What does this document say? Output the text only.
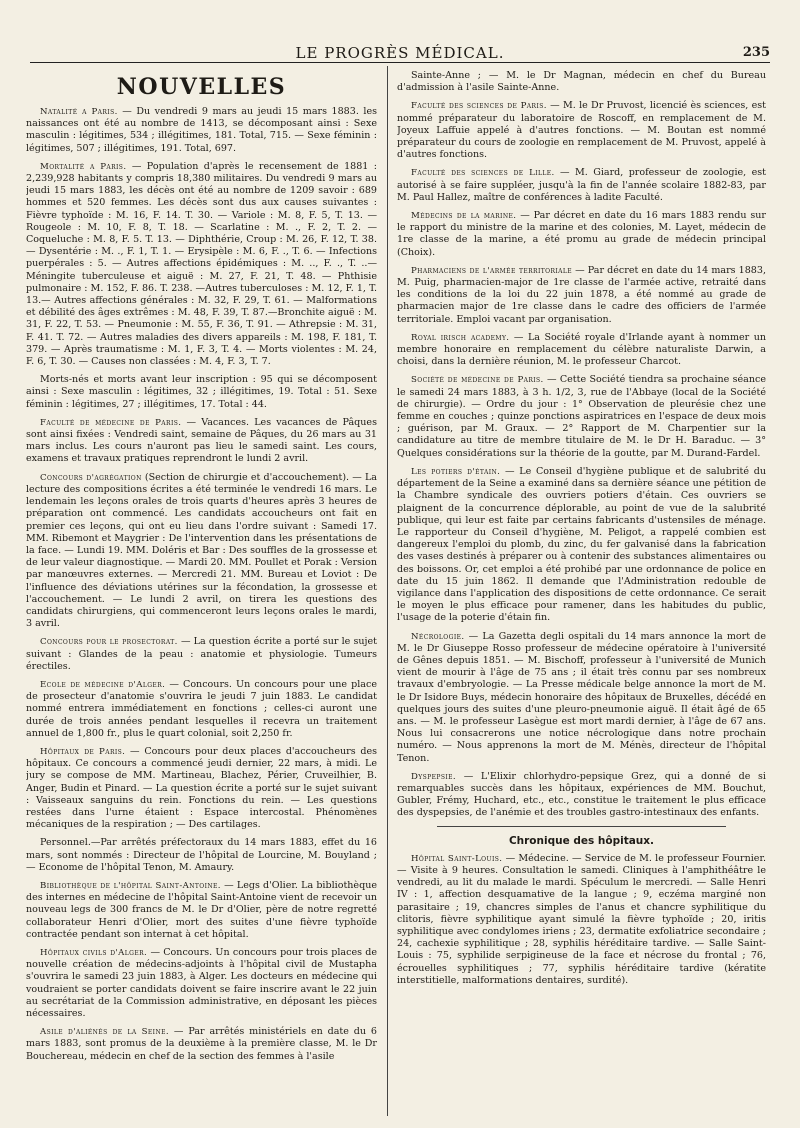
LE PROGRÈS MÉDICAL.	235
NOUVELLES

Natalité a Paris. — Du vendredi 9 mars au jeudi 15 mars 1883. les naissances ont été au nombre de 1413, se décomposant ainsi : Sexe masculin : légitimes, 534 ; illégitimes, 181. Total, 715. — Sexe féminin : légitimes, 507 ; illégitimes, 191. Total, 697.

Mortalité a Paris. — Population d'après le recensement de 1881 : 2,239,928 habitants y compris 18,380 militaires. Du vendredi 9 mars au jeudi 15 mars 1883, les décès ont été au nombre de 1209 savoir : 689 hommes et 520 femmes. Les décès sont dus aux causes suivantes : Fièvre typhoïde : M. 16, F. 14. T. 30. — Variole : M. 8, F. 5, T. 13. — Rougeole : M. 10, F. 8, T. 18. — Scarlatine : M. ., F. 2, T. 2. — Coqueluche : M. 8, F. 5. T. 13. — Diphthérie, Croup : M. 26, F. 12, T. 38. — Dysentérie : M. ., F. 1, T. 1. — Erysipèle : M. 6, F. ., T. 6. — Infections puerpérales : 5. — Autres affections épidémiques : M. .., F. ., T. ..—Méningite tuberculeuse et aiguë : M. 27, F. 21, T. 48. — Phthisie pulmonaire : M. 152, F. 86. T. 238. —Autres tuberculoses : M. 12, F. 1, T. 13.— Autres affections générales : M. 32, F. 29, T. 61. — Malformations et débilité des âges extrêmes : M. 48, F. 39, T. 87.—Bronchite aiguë : M. 31, F. 22, T. 53. — Pneumonie : M. 55, F. 36, T. 91. — Athrepsie : M. 31, F. 41. T. 72. — Autres maladies des divers appareils : M. 198, F. 181, T. 379. — Après traumatisme : M. 1, F. 3, T. 4. — Morts violentes : M. 24, F. 6, T. 30. — Causes non classées : M. 4, F. 3, T. 7.

Morts-nés et morts avant leur inscription : 95 qui se décomposent ainsi : Sexe masculin : légitimes, 32 ; illégitimes, 19. Total : 51. Sexe féminin : légitimes, 27 ; illégitimes, 17. Total : 44.

Faculté de médecine de Paris. — Vacances. Les vacances de Pâques sont ainsi fixées : Vendredi saint, semaine de Pâques, du 26 mars au 31 mars inclus. Les cours n'auront pas lieu le samedi saint. Les cours, examens et travaux pratiques reprendront le lundi 2 avril.

Concours d'agrégation (Section de chirurgie et d'accouchement). — La lecture des compositions écrites a été terminée le vendredi 16 mars. Le lendemain les leçons orales de trois quarts d'heures après 3 heures de préparation ont commencé. Les candidats accoucheurs ont fait en premier ces leçons, qui ont eu lieu dans l'ordre suivant : Samedi 17. MM. Ribemont et Maygrier : De l'intervention dans les présentations de la face. — Lundi 19. MM. Doléris et Bar : Des souffles de la grossesse et de leur valeur diagnostique. — Mardi 20. MM. Poullet et Porak : Version par manœuvres externes. — Mercredi 21. MM. Bureau et Loviot : De l'influence des déviations utérines sur la fécondation, la grossesse et l'accouchement. — Le lundi 2 avril, on tirera les questions des candidats chirurgiens, qui commenceront leurs leçons orales le mardi, 3 avril.

Concours pour le prosectorat. — La question écrite a porté sur le sujet suivant : Glandes de la peau : anatomie et physiologie. Tumeurs érectiles.

Ecole de médecine d'Alger. — Concours. Un concours pour une place de prosecteur d'anatomie s'ouvrira le jeudi 7 juin 1883. Le candidat nommé entrera immédiatement en fonctions ; celles-ci auront une durée de trois années pendant lesquelles il recevra un traitement annuel de 1,800 fr., plus le quart colonial, soit 2,250 fr.

Hôpitaux de Paris. — Concours pour deux places d'accoucheurs des hôpitaux. Ce concours a commencé jeudi dernier, 22 mars, à midi. Le jury se compose de MM. Martineau, Blachez, Périer, Cruveilhier, B. Anger, Budin et Pinard. — La question écrite a porté sur le sujet suivant : Vaisseaux sanguins du rein. Fonctions du rein. — Les questions restées dans l'urne étaient : Espace intercostal. Phénomènes mécaniques de la respiration ; — Des cartilages.

Personnel.—Par arrêtés préfectoraux du 14 mars 1883, effet du 16 mars, sont nommés : Directeur de l'hôpital de Lourcine, M. Bouyland ; — Econome de l'hôpital Tenon, M. Amaury.

Bibliothèque de l'hôpital Saint-Antoine. — Legs d'Olier. La bibliothèque des internes en médecine de l'hôpital Saint-Antoine vient de recevoir un nouveau legs de 300 francs de M. le Dr d'Olier, père de notre regretté collaborateur Henri d'Olier, mort des suites d'une fièvre typhoïde contractée pendant son internat à cet hôpital.

Hôpitaux civils d'Alger. — Concours. Un concours pour trois places de nouvelle création de médecins-adjoints à l'hôpital civil de Mustapha s'ouvrira le samedi 23 juin 1883, à Alger. Les docteurs en médecine qui voudraient se porter candidats doivent se faire inscrire avant le 22 juin au secrétariat de la Commission administrative, en déposant les pièces nécessaires.

Asile d'aliénés de la Seine. — Par arrêtés ministériels en date du 6 mars 1883, sont promus de la deuxième à la première classe, M. le Dr Bouchereau, médecin en chef de la section des femmes à l'asile

Sainte-Anne ; — M. le Dr Magnan, médecin en chef du Bureau d'admission à l'asile Sainte-Anne.

Faculté des sciences de Paris. — M. le Dr Pruvost, licencié ès sciences, est nommé préparateur du laboratoire de Roscoff, en remplacement de M. Joyeux Laffuie appelé à d'autres fonctions. — M. Boutan est nommé préparateur du cours de zoologie en remplacement de M. Pruvost, appelé à d'autres fonctions.

Faculté des sciences de Lille. — M. Giard, professeur de zoologie, est autorisé à se faire suppléer, jusqu'à la fin de l'année scolaire 1882-83, par M. Paul Hallez, maître de conférences à ladite Faculté.

Médecins de la marine. — Par décret en date du 16 mars 1883 rendu sur le rapport du ministre de la marine et des colonies, M. Layet, médecin de 1re classe de la marine, a été promu au grade de médecin principal (Choix).

Pharmaciens de l'armée territoriale — Par décret en date du 14 mars 1883, M. Puig, pharmacien-major de 1re classe de l'armée active, retraité dans les conditions de la loi du 22 juin 1878, a été nommé au grade de pharmacien major de 1re classe dans le cadre des officiers de l'armée territoriale. Emploi vacant par organisation.

Royal irisch academy. — La Société royale d'Irlande ayant à nommer un membre honoraire en remplacement du célèbre naturaliste Darwin, a choisi, dans la dernière réunion, M. le professeur Charcot.

Société de médecine de Paris. — Cette Société tiendra sa prochaine séance le samedi 24 mars 1883, à 3 h. 1/2, 3, rue de l'Abbaye (local de la Société de chirurgie). — Ordre du jour : 1° Observation de pleurésie chez une femme en couches ; quinze ponctions aspiratrices en l'espace de deux mois ; guérison, par M. Graux. — 2° Rapport de M. Charpentier sur la candidature au titre de membre titulaire de M. le Dr H. Baraduc. — 3° Quelques considérations sur la théorie de la goutte, par M. Durand-Fardel.

Les potiers d'étain. — Le Conseil d'hygiène publique et de salubrité du département de la Seine a examiné dans sa dernière séance une pétition de la Chambre syndicale des ouvriers potiers d'étain. Ces ouvriers se plaignent de la concurrence déplorable, au point de vue de la salubrité publique, qui leur est faite par certains fabricants d'ustensiles de ménage. Le rapporteur du Conseil d'hygiène, M. Peligot, a rappelé combien est dangereux l'emploi du plomb, du zinc, du fer galvanisé dans la fabrication des vases destinés à préparer ou à contenir des substances alimentaires ou des boissons. Or, cet emploi a été prohibé par une ordonnance de police en date du 15 juin 1862. Il demande que l'Administration redouble de vigilance dans l'application des dispositions de cette ordonnance. Ce serait le moyen le plus efficace pour ramener, dans les habitudes du public, l'usage de la poterie d'étain fin.

Nécrologie. — La Gazetta degli ospitali du 14 mars annonce la mort de M. le Dr Giuseppe Rosso professeur de médecine opératoire à l'université de Gênes depuis 1851. — M. Bischoff, professeur à l'université de Munich vient de mourir à l'âge de 75 ans ; il était très connu par ses nombreux travaux d'embryologie. — La Presse médicale belge annonce la mort de M. le Dr Isidore Buys, médecin honoraire des hôpitaux de Bruxelles, décédé en quelques jours des suites d'une pleuro-pneumonie aiguë. Il était âgé de 65 ans. — M. le professeur Lasègue est mort mardi dernier, à l'âge de 67 ans. Nous lui consacrerons une notice nécrologique dans notre prochain numéro. — Nous apprenons la mort de M. Ménès, directeur de l'hôpital Tenon.

Dyspepsie. — L'Elixir chlorhydro-pepsique Grez, qui a donné de si remarquables succès dans les hôpitaux, expériences de MM. Bouchut, Gubler, Frémy, Huchard, etc., etc., constitue le traitement le plus efficace des dyspepsies, de l'anémie et des troubles gastro-intestinaux des enfants.

Chronique des hôpitaux.

Hôpital Saint-Louis. — Médecine. — Service de M. le professeur Fournier. — Visite à 9 heures. Consultation le samedi. Cliniques à l'amphithéâtre le vendredi, au lit du malade le mardi. Spéculum le mercredi. — Salle Henri IV : 1, affection desquamative de la langue ; 9, eczéma marginé non parasitaire ; 19, chancres simples de l'anus et chancre syphilitique du clitoris, fièvre syphilitique ayant simulé la fièvre typhoïde ; 20, iritis syphilitique avec condylomes iriens ; 23, dermatite exfoliatrice secondaire ; 24, cachexie syphilitique ; 28, syphilis héréditaire tardive. — Salle Saint-Louis : 75, syphilide serpigineuse de la face et nécrose du frontal ; 76, écrouelles syphilitiques ; 77, syphilis héréditaire tardive (kératite interstitielle, malformations dentaires, surdité).
